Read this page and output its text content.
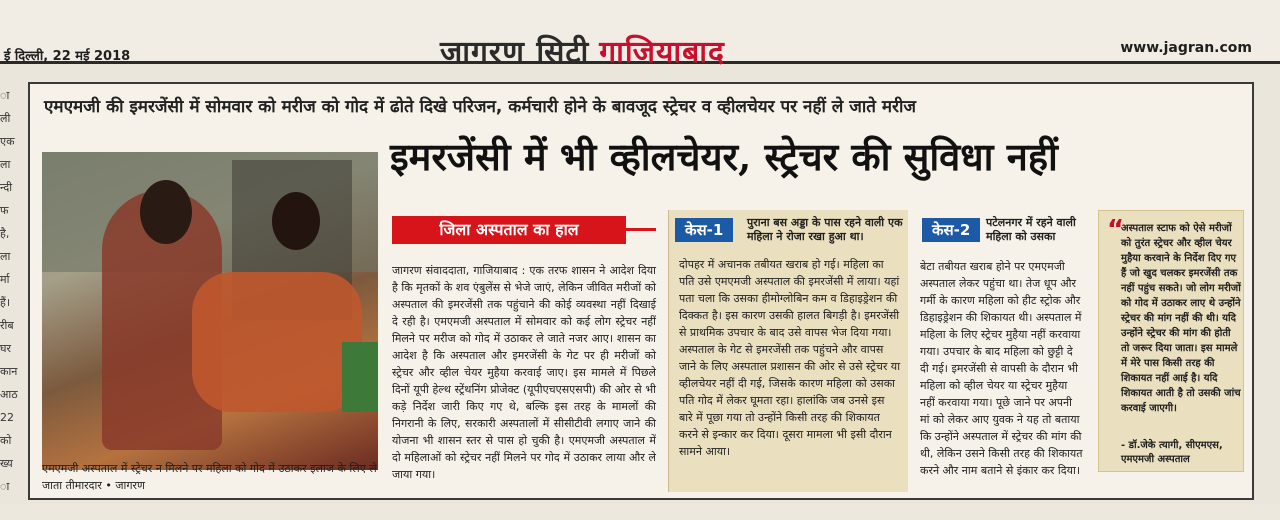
ई दिल्ली, 22 मई 2018	जागरण सिटी गाजियाबाद	www.jagran.com
ा
ली
एक
ला
न्दी
फ
है,
ला
र्मा
हैं।
रीब
घर
कान
आठ
22
को
ख्य
ा
एमएमजी की इमरजेंसी में सोमवार को मरीज को गोद में ढोते दिखे परिजन, कर्मचारी होने के बावजूद स्ट्रेचर व व्हीलचेयर पर नहीं ले जाते मरीज
इमरजेंसी में भी व्हीलचेयर, स्ट्रेचर की सुविधा नहीं
एमएमजी अस्पताल में स्ट्रेचर न मिलने पर महिला को गोद में उठाकर इलाज के लिए ले जाता तीमारदार • जागरण
जिला अस्पताल का हाल
जागरण संवाददाता, गाजियाबाद : एक तरफ शासन ने आदेश दिया है कि मृतकों के शव एंबुलेंस से भेजे जाएं, लेकिन जीवित मरीजों को अस्पताल की इमरजेंसी तक पहुंचाने की कोई व्यवस्था नहीं दिखाई दे रही है। एमएमजी अस्पताल में सोमवार को कई लोग स्ट्रेचर नहीं मिलने पर मरीज को गोद में उठाकर ले जाते नजर आए। शासन का आदेश है कि अस्पताल और इमरजेंसी के गेट पर ही मरीजों को स्ट्रेचर और व्हील चेयर मुहैया करवाई जाए। इस मामले में पिछले दिनों यूपी हेल्थ स्ट्रेंथनिंग प्रोजेक्ट (यूपीएचएसएसपी) की ओर से भी कड़े निर्देश जारी किए गए थे, बल्कि इस तरह के मामलों की निगरानी के लिए, सरकारी अस्पतालों में सीसीटीवी लगाए जाने की योजना भी शासन स्तर से पास हो चुकी है। एमएमजी अस्पताल में दो महिलाओं को स्ट्रेचर नहीं मिलने पर गोद में उठाकर लाया और ले जाया गया।
केस-1	पुराना बस अड्डा के पास रहने वाली एक महिला ने रोजा रखा हुआ था।
दोपहर में अचानक तबीयत खराब हो गई। महिला का पति उसे एमएमजी अस्पताल की इमरजेंसी में लाया। यहां पता चला कि उसका हीमोग्लोबिन कम व डिहाइड्रेशन की दिक्कत है। इस कारण उसकी हालत बिगड़ी है। इमरजेंसी से प्राथमिक उपचार के बाद उसे वापस भेज दिया गया। अस्पताल के गेट से इमरजेंसी तक पहुंचने और वापस जाने के लिए अस्पताल प्रशासन की ओर से उसे स्ट्रेचर या व्हीलचेयर नहीं दी गई, जिसके कारण महिला को उसका पति गोद में लेकर घूमता रहा। हालांकि जब उनसे इस बारे में पूछा गया तो उन्होंने किसी तरह की शिकायत करने से इन्कार कर दिया। दूसरा मामला भी इसी दौरान सामने आया।
केस-2	पटेलनगर में रहने वाली महिला को उसका
बेटा तबीयत खराब होने पर एमएमजी अस्पताल लेकर पहुंचा था। तेज धूप और गर्मी के कारण महिला को हीट स्ट्रोक और डिहाइड्रेशन की शिकायत थी। अस्पताल में महिला के लिए स्ट्रेचर मुहैया नहीं करवाया गया। उपचार के बाद महिला को छुट्टी दे दी गई। इमरजेंसी से वापसी के दौरान भी महिला को व्हील चेयर या स्ट्रेचर मुहैया नहीं करवाया गया। पूछे जाने पर अपनी मां को लेकर आए युवक ने यह तो बताया कि उन्होंने अस्पताल में स्ट्रेचर की मांग की थी, लेकिन उसने किसी तरह की शिकायत करने और नाम बताने से इंकार कर दिया।
“
अस्पताल स्टाफ को ऐसे मरीजों को तुरंत स्ट्रेचर और व्हील चेयर मुहैया करवाने के निर्देश दिए गए हैं जो खुद चलकर इमरजेंसी तक नहीं पहुंच सकते। जो लोग मरीजों को गोद में उठाकर लाए थे उन्होंने स्ट्रेचर की मांग नहीं की थी। यदि उन्होंने स्ट्रेचर की मांग की होती तो जरूर दिया जाता। इस मामले में मेरे पास किसी तरह की शिकायत नहीं आई है। यदि शिकायत आती है तो उसकी जांच करवाई जाएगी।
- डॉ.जेके त्यागी, सीएमएस, एमएमजी अस्पताल
